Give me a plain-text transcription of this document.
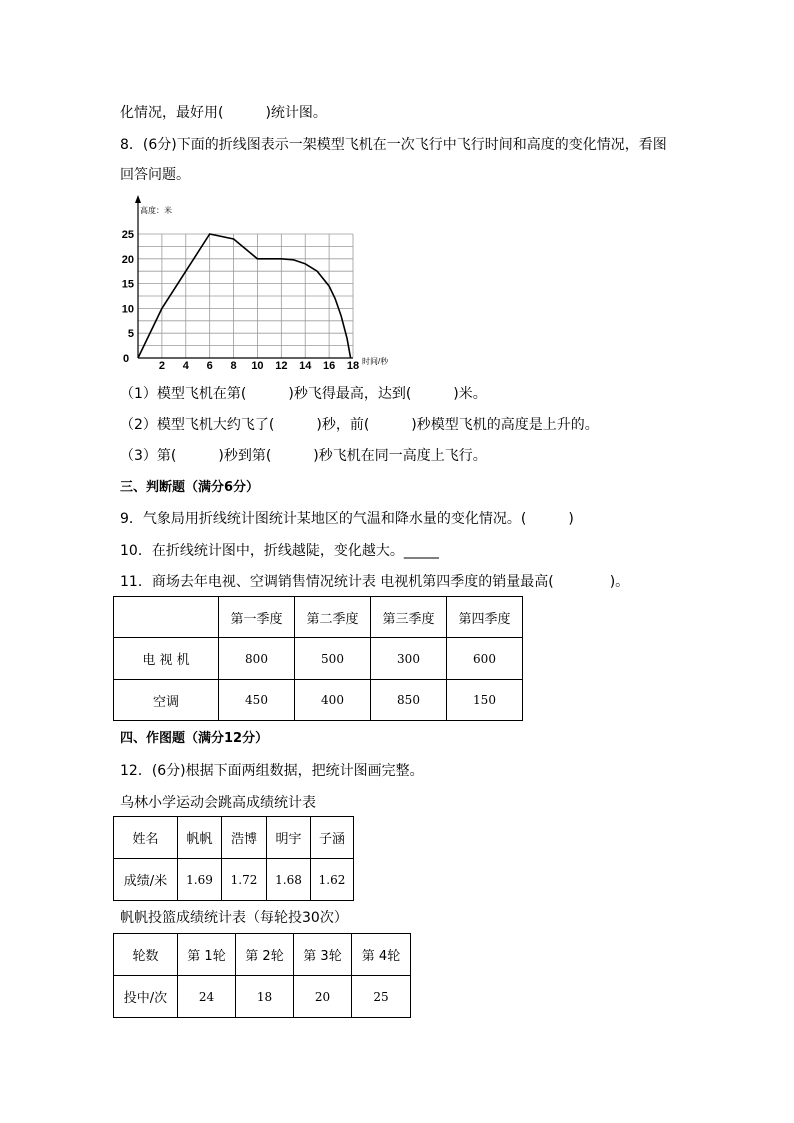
化情况，最好用(　　　)统计图。
8．(6分)下面的折线图表示一架模型飞机在一次飞行中飞行时间和高度的变化情况，看图
回答问题。
5
10
15
20
25
0
2 4 6 8 10 12 14 16 18
高度：米
时间/秒
（1）模型飞机在第(　　　)秒飞得最高，达到(　　　)米。
（2）模型飞机大约飞了(　　　)秒，前(　　　)秒模型飞机的高度是上升的。
（3）第(　　　)秒到第(　　　)秒飞机在同一高度上飞行。
三、判断题（满分6分）
9．气象局用折线统计图统计某地区的气温和降水量的变化情况。(　　　)
10．在折线统计图中，折线越陡，变化越大。_____
11．商场去年电视、空调销售情况统计表 电视机第四季度的销量最高(　　　　)。
	第一季度	第二季度	第三季度	第四季度
电 视 机	800	500	300	600
空调	450	400	850	150
四、作图题（满分12分）
12．(6分)根据下面两组数据，把统计图画完整。
乌林小学运动会跳高成绩统计表
姓名	帆帆	浩博	明宇	子涵
成绩/米	1.69	1.72	1.68	1.62
帆帆投篮成绩统计表（每轮投30次）
轮数	第 1轮	第 2轮	第 3轮	第 4轮
投中/次	24	18	20	25
